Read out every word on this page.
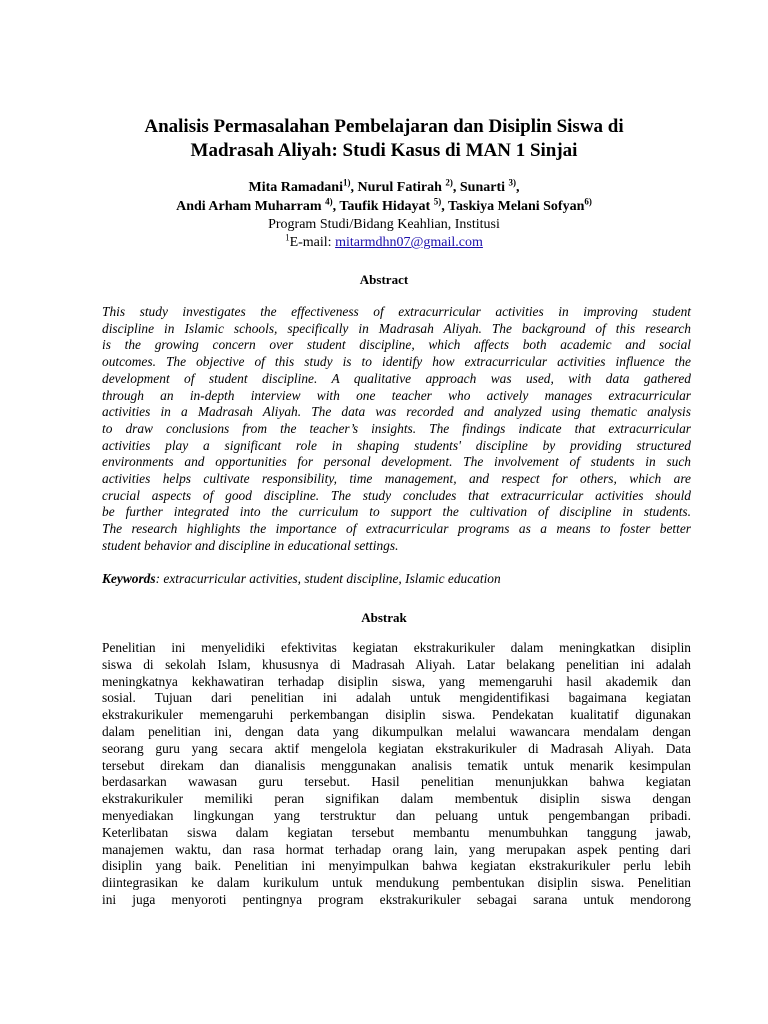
Analisis Permasalahan Pembelajaran dan Disiplin Siswa di
Madrasah Aliyah: Studi Kasus di MAN 1 Sinjai
Mita Ramadani$^{1)}$, Nurul Fatirah $^{2)}$, Sunarti $^{3)}$,
Andi Arham Muharram $^{4)}$, Taufik Hidayat $^{5)}$, Taskiya Melani Sofyan$^{6)}$
Program Studi/Bidang Keahlian, Institusi
$^1$E-mail: mitarmdhn07@gmail.com
Abstract
This study investigates the effectiveness of extracurricular activities in improving student
discipline in Islamic schools, specifically in Madrasah Aliyah. The background of this research
is the growing concern over student discipline, which affects both academic and social
outcomes. The objective of this study is to identify how extracurricular activities influence the
development of student discipline. A qualitative approach was used, with data gathered
through an in-depth interview with one teacher who actively manages extracurricular
activities in a Madrasah Aliyah. The data was recorded and analyzed using thematic analysis
to draw conclusions from the teacher’s insights. The findings indicate that extracurricular
activities play a significant role in shaping students' discipline by providing structured
environments and opportunities for personal development. The involvement of students in such
activities helps cultivate responsibility, time management, and respect for others, which are
crucial aspects of good discipline. The study concludes that extracurricular activities should
be further integrated into the curriculum to support the cultivation of discipline in students.
The research highlights the importance of extracurricular programs as a means to foster better
student behavior and discipline in educational settings.
Keywords: extracurricular activities, student discipline, Islamic education
Abstrak
Penelitian ini menyelidiki efektivitas kegiatan ekstrakurikuler dalam meningkatkan disiplin
siswa di sekolah Islam, khususnya di Madrasah Aliyah. Latar belakang penelitian ini adalah
meningkatnya kekhawatiran terhadap disiplin siswa, yang memengaruhi hasil akademik dan
sosial. Tujuan dari penelitian ini adalah untuk mengidentifikasi bagaimana kegiatan
ekstrakurikuler memengaruhi perkembangan disiplin siswa. Pendekatan kualitatif digunakan
dalam penelitian ini, dengan data yang dikumpulkan melalui wawancara mendalam dengan
seorang guru yang secara aktif mengelola kegiatan ekstrakurikuler di Madrasah Aliyah. Data
tersebut direkam dan dianalisis menggunakan analisis tematik untuk menarik kesimpulan
berdasarkan wawasan guru tersebut. Hasil penelitian menunjukkan bahwa kegiatan
ekstrakurikuler memiliki peran signifikan dalam membentuk disiplin siswa dengan
menyediakan lingkungan yang terstruktur dan peluang untuk pengembangan pribadi.
Keterlibatan siswa dalam kegiatan tersebut membantu menumbuhkan tanggung jawab,
manajemen waktu, dan rasa hormat terhadap orang lain, yang merupakan aspek penting dari
disiplin yang baik. Penelitian ini menyimpulkan bahwa kegiatan ekstrakurikuler perlu lebih
diintegrasikan ke dalam kurikulum untuk mendukung pembentukan disiplin siswa. Penelitian
ini juga menyoroti pentingnya program ekstrakurikuler sebagai sarana untuk mendorong
